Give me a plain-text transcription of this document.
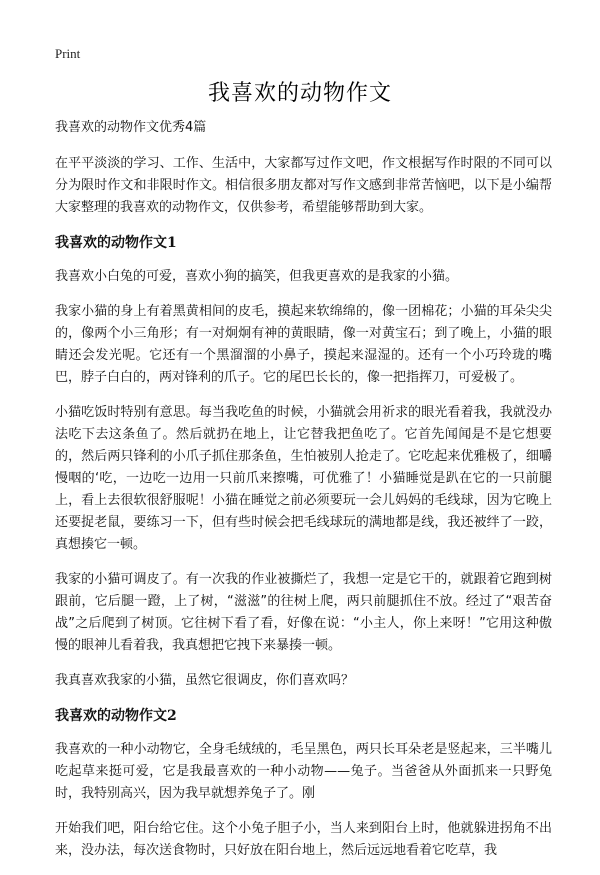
Print
我喜欢的动物作文
我喜欢的动物作文优秀4篇

在平平淡淡的学习、工作、生活中，大家都写过作文吧，作文根据写作时限的不同可以分为限时作文和非限时作文。相信很多朋友都对写作文感到非常苦恼吧，以下是小编帮大家整理的我喜欢的动物作文，仅供参考，希望能够帮助到大家。

我喜欢的动物作文1

我喜欢小白兔的可爱，喜欢小狗的搞笑，但我更喜欢的是我家的小猫。

我家小猫的身上有着黑黄相间的皮毛，摸起来软绵绵的，像一团棉花；小猫的耳朵尖尖的，像两个小三角形；有一对炯炯有神的黄眼睛，像一对黄宝石；到了晚上，小猫的眼睛还会发光呢。它还有一个黑溜溜的小鼻子，摸起来湿湿的。还有一个小巧玲珑的嘴巴，脖子白白的，两对锋利的爪子。它的尾巴长长的，像一把指挥刀，可爱极了。

小猫吃饭时特别有意思。每当我吃鱼的时候，小猫就会用祈求的眼光看着我，我就没办法吃下去这条鱼了。然后就扔在地上，让它替我把鱼吃了。它首先闻闻是不是它想要的，然后两只锋利的小爪子抓住那条鱼，生怕被别人抢走了。它吃起来优雅极了，细嚼慢咽的‘吃，一边吃一边用一只前爪来擦嘴，可优雅了！小猫睡觉是趴在它的一只前腿上，看上去很软很舒服呢！小猫在睡觉之前必须要玩一会儿妈妈的毛线球，因为它晚上还要捉老鼠，要练习一下，但有些时候会把毛线球玩的满地都是线，我还被绊了一跤，真想揍它一顿。

我家的小猫可调皮了。有一次我的作业被撕烂了，我想一定是它干的，就跟着它跑到树跟前，它后腿一蹬，上了树，“滋滋”的往树上爬，两只前腿抓住不放。经过了“艰苦奋战”之后爬到了树顶。它往树下看了看，好像在说：“小主人，你上来呀！”它用这种傲慢的眼神儿看着我，我真想把它拽下来暴揍一顿。

我真喜欢我家的小猫，虽然它很调皮，你们喜欢吗？

我喜欢的动物作文2

我喜欢的一种小动物它，全身毛绒绒的，毛呈黑色，两只长耳朵老是竖起来，三半嘴儿吃起草来挺可爱，它是我最喜欢的一种小动物——兔子。当爸爸从外面抓来一只野兔时，我特别高兴，因为我早就想养兔子了。刚

开始我们吧，阳台给它住。这个小兔子胆子小，当人来到阳台上时，他就躲进拐角不出来，没办法，每次送食物时，只好放在阳台地上，然后远远地看着它吃草，我
